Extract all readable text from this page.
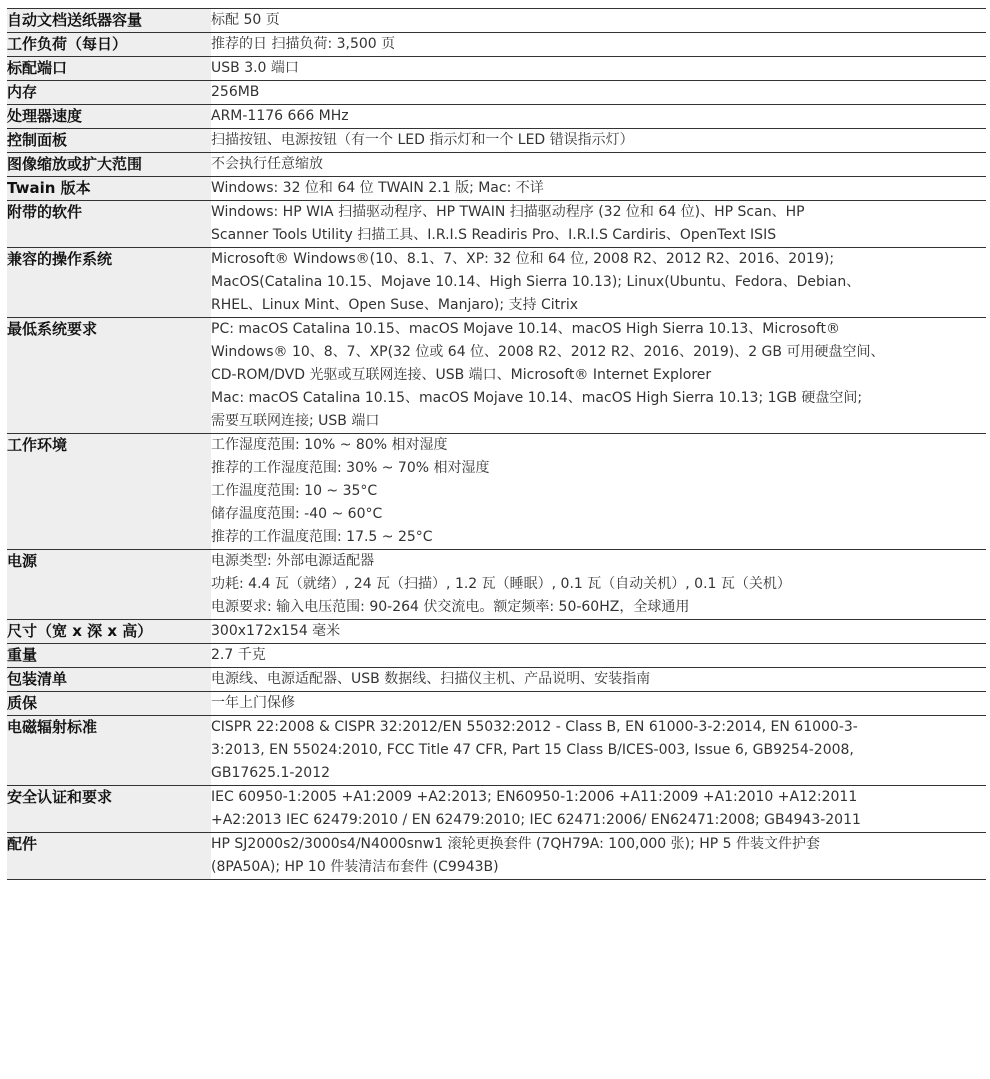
自动文档送纸器容量	标配 50 页

工作负荷（每日）	推荐的日 扫描负荷: 3,500 页

标配端口	USB 3.0 端口

内存	256MB

处理器速度	ARM-1176 666 MHz

控制面板	扫描按钮、电源按钮（有一个 LED 指示灯和一个 LED 错误指示灯）

图像缩放或扩大范围	不会执行任意缩放

Twain 版本	Windows: 32 位和 64 位 TWAIN 2.1 版; Mac: 不详

附带的软件	Windows: HP WIA 扫描驱动程序、HP TWAIN 扫描驱动程序 (32 位和 64 位)、HP Scan、HP
Scanner Tools Utility 扫描工具、I.R.I.S Readiris Pro、I.R.I.S Cardiris、OpenText ISIS

兼容的操作系统	Microsoft® Windows®(10、8.1、7、XP: 32 位和 64 位, 2008 R2、2012 R2、2016、2019);
MacOS(Catalina 10.15、Mojave 10.14、High Sierra 10.13); Linux(Ubuntu、Fedora、Debian、
RHEL、Linux Mint、Open Suse、Manjaro); 支持 Citrix

最低系统要求	PC: macOS Catalina 10.15、macOS Mojave 10.14、macOS High Sierra 10.13、Microsoft®
Windows® 10、8、7、XP(32 位或 64 位、2008 R2、2012 R2、2016、2019)、2 GB 可用硬盘空间、
CD-ROM/DVD 光驱或互联网连接、USB 端口、Microsoft® Internet Explorer
Mac: macOS Catalina 10.15、macOS Mojave 10.14、macOS High Sierra 10.13; 1GB 硬盘空间;
需要互联网连接; USB 端口

工作环境	工作湿度范围: 10% ~ 80% 相对湿度
推荐的工作湿度范围: 30% ~ 70% 相对湿度
工作温度范围: 10 ~ 35°C
储存温度范围: -40 ~ 60°C
推荐的工作温度范围: 17.5 ~ 25°C

电源	电源类型: 外部电源适配器
功耗: 4.4 瓦（就绪）, 24 瓦（扫描）, 1.2 瓦（睡眠）, 0.1 瓦（自动关机）, 0.1 瓦（关机）
电源要求: 输入电压范围: 90-264 伏交流电。额定频率: 50-60HZ，全球通用

尺寸（宽 x 深 x 高）	300x172x154 毫米

重量	2.7 千克

包装清单	电源线、电源适配器、USB 数据线、扫描仪主机、产品说明、安装指南

质保	一年上门保修

电磁辐射标准	CISPR 22:2008 & CISPR 32:2012/EN 55032:2012 - Class B, EN 61000-3-2:2014, EN 61000-3-
3:2013, EN 55024:2010, FCC Title 47 CFR, Part 15 Class B/ICES-003, Issue 6, GB9254-2008,
GB17625.1-2012

安全认证和要求	IEC 60950-1:2005 +A1:2009 +A2:2013; EN60950-1:2006 +A11:2009 +A1:2010 +A12:2011
+A2:2013 IEC 62479:2010 / EN 62479:2010; IEC 62471:2006/ EN62471:2008; GB4943-2011

配件	HP SJ2000s2/3000s4/N4000snw1 滚轮更换套件 (7QH79A: 100,000 张); HP 5 件装文件护套
(8PA50A); HP 10 件装清洁布套件 (C9943B)
